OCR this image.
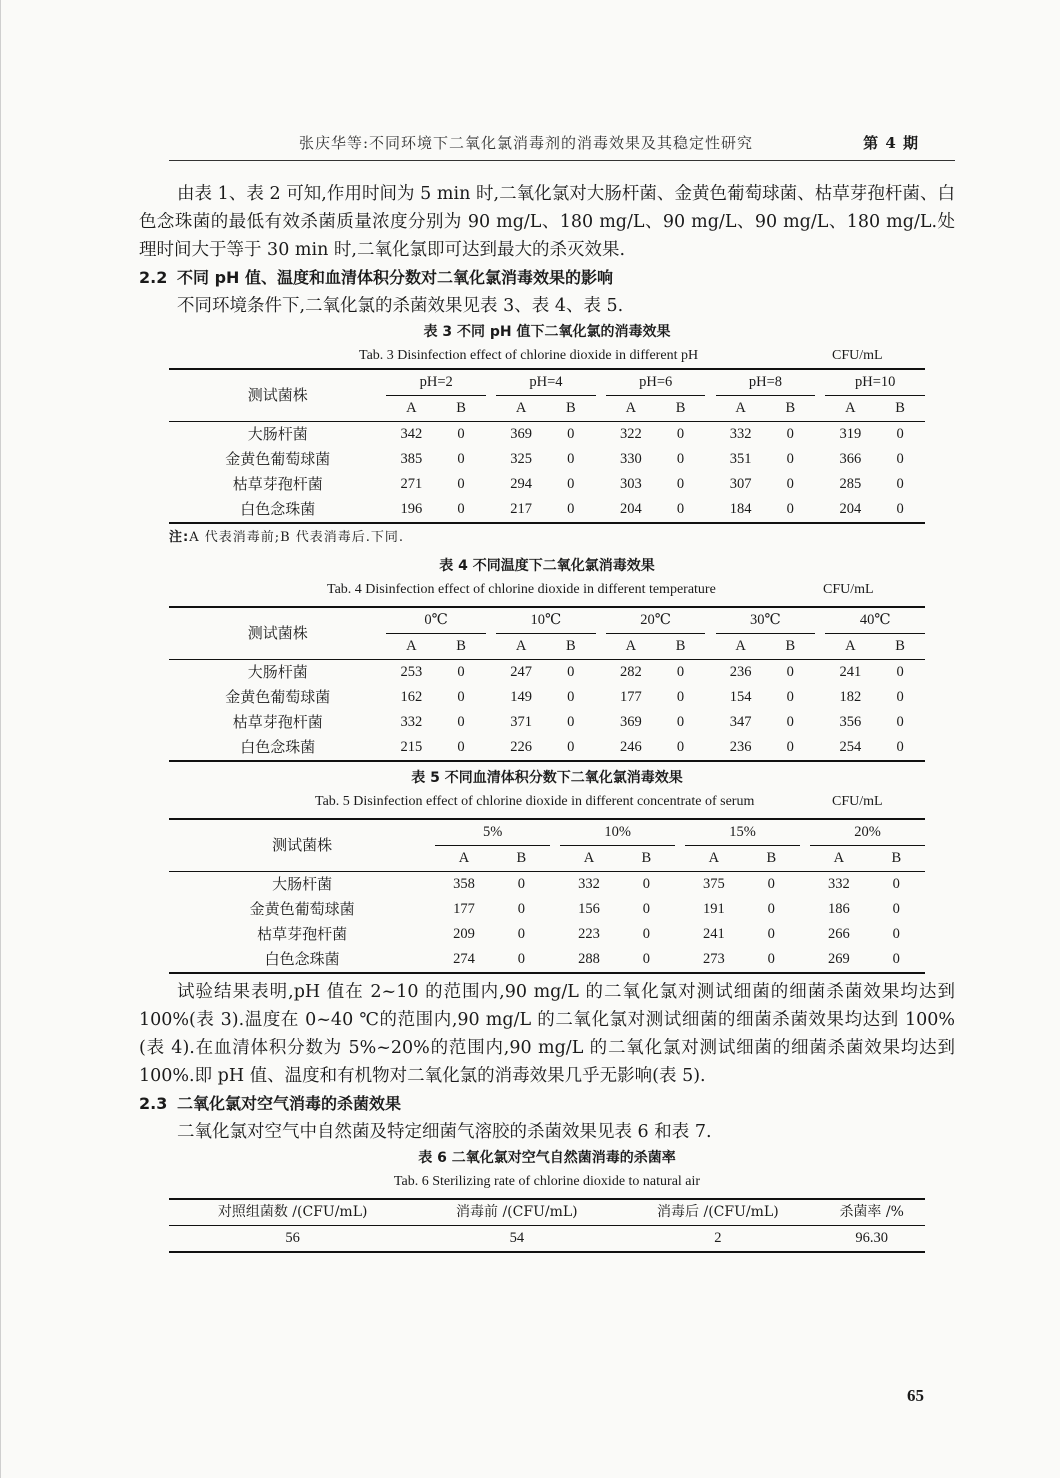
张庆华等:不同环境下二氧化氯消毒剂的消毒效果及其稳定性研究	第 4 期

由表 1、表 2 可知,作用时间为 5 min 时,二氧化氯对大肠杆菌、金黄色葡萄球菌、枯草芽孢杆菌、白色念珠菌的最低有效杀菌质量浓度分别为 90 mg/L、180 mg/L、90 mg/L、90 mg/L、180 mg/L.处理时间大于等于 30 min 时,二氧化氯即可达到最大的杀灭效果.

2.2 不同 pH 值、温度和血清体积分数对二氧化氯消毒效果的影响

不同环境条件下,二氧化氯的杀菌效果见表 3、表 4、表 5.

表 3 不同 pH 值下二氧化氯的消毒效果

Tab. 3 Disinfection effect of chlorine dioxide in different pH	CFU/mL
测试菌株	pH=2			pH=4			pH=6			pH=8			pH=10	
	A	B		A	B		A	B		A	B		A	B
大肠杆菌	342	0		369	0		322	0		332	0		319	0
金黄色葡萄球菌	385	0		325	0		330	0		351	0		366	0
枯草芽孢杆菌	271	0		294	0		303	0		307	0		285	0
白色念珠菌	196	0		217	0		204	0		184	0		204	0
注:A 代表消毒前;B 代表消毒后.下同.

表 4 不同温度下二氧化氯消毒效果

Tab. 4 Disinfection effect of chlorine dioxide in different temperature	CFU/mL
测试菌株	0℃			10℃			20℃			30℃			40℃	
	A	B		A	B		A	B		A	B		A	B
大肠杆菌	253	0		247	0		282	0		236	0		241	0
金黄色葡萄球菌	162	0		149	0		177	0		154	0		182	0
枯草芽孢杆菌	332	0		371	0		369	0		347	0		356	0
白色念珠菌	215	0		226	0		246	0		236	0		254	0

表 5 不同血清体积分数下二氧化氯消毒效果

Tab. 5 Disinfection effect of chlorine dioxide in different concentrate of serum	CFU/mL
测试菌株	5%			10%			15%			20%	
	A	B		A	B		A	B		A	B
大肠杆菌	358	0		332	0		375	0		332	0
金黄色葡萄球菌	177	0		156	0		191	0		186	0
枯草芽孢杆菌	209	0		223	0		241	0		266	0
白色念珠菌	274	0		288	0		273	0		269	0

试验结果表明,pH 值在 2~10 的范围内,90 mg/L 的二氧化氯对测试细菌的细菌杀菌效果均达到 100%(表 3).温度在 0~40 ℃的范围内,90 mg/L 的二氧化氯对测试细菌的细菌杀菌效果均达到 100%(表 4).在血清体积分数为 5%~20%的范围内,90 mg/L 的二氧化氯对测试细菌的细菌杀菌效果均达到 100%.即 pH 值、温度和有机物对二氧化氯的消毒效果几乎无影响(表 5).

2.3 二氧化氯对空气消毒的杀菌效果

二氧化氯对空气中自然菌及特定细菌气溶胶的杀菌效果见表 6 和表 7.

表 6 二氧化氯对空气自然菌消毒的杀菌率

Tab. 6 Sterilizing rate of chlorine dioxide to natural air
对照组菌数 /(CFU/mL)	消毒前 /(CFU/mL)	消毒后 /(CFU/mL)	杀菌率 /%
56	54	2	96.30
65
